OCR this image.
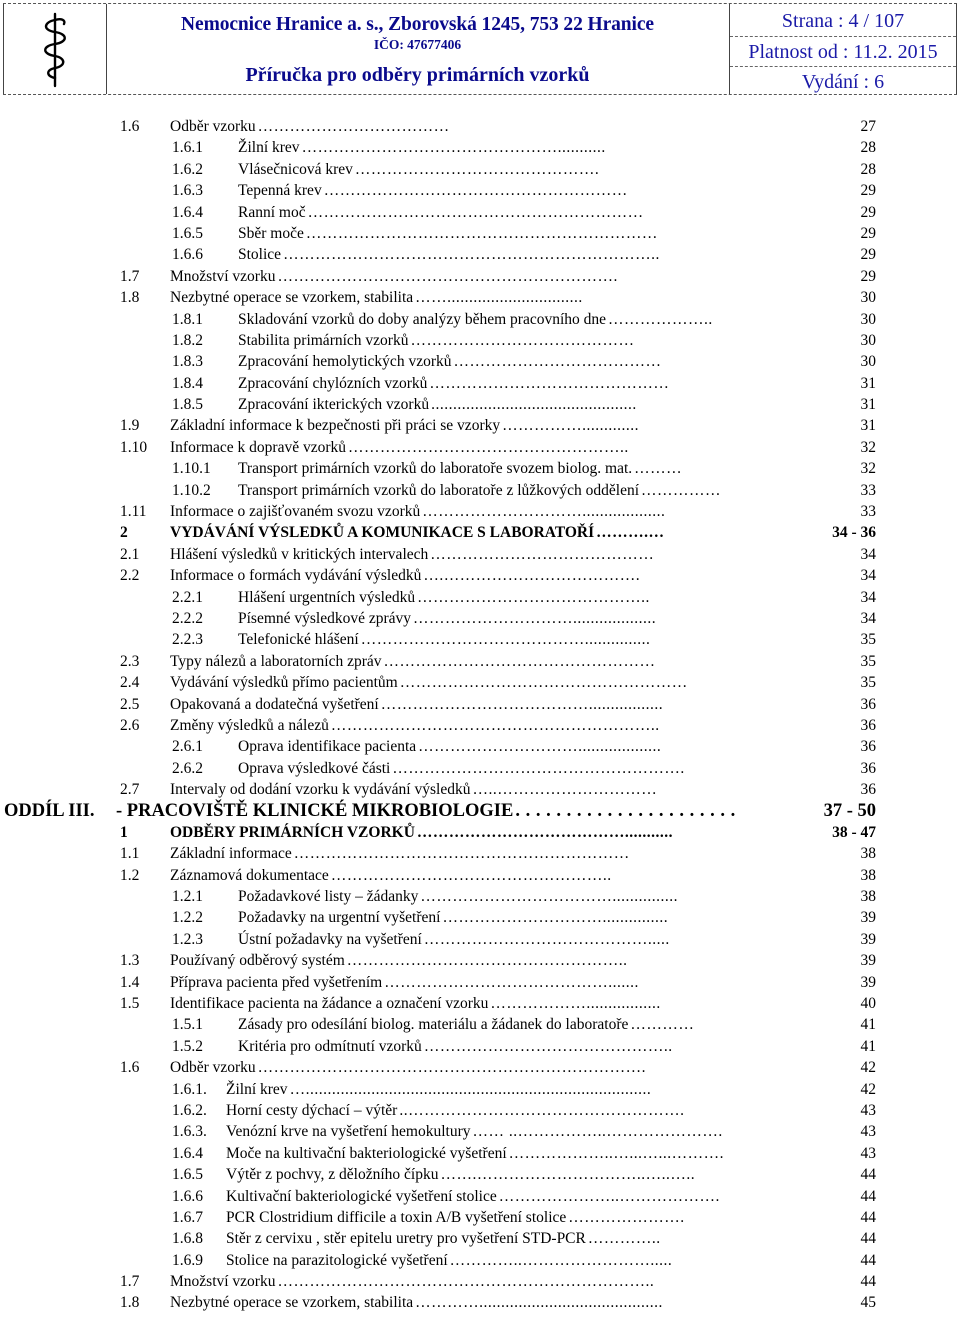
Nemocnice Hranice a. s., Zborovská 1245, 753 22 Hranice
IČO: 47677406
Příručka pro odběry primárních vzorků
Strana : 4 / 107
Platnost od : 11.2. 2015
Vydání : 6
1.6 Odběr vzorku ………………………………	27
1.6.1 Žilní krev …………………………………………...........	28
1.6.2 Vlásečnicová krev ……………………………………….	28
1.6.3 Tepenná krev …………………………………………………	29
1.6.4 Ranní moč ………………………………………………………	29
1.6.5 Sběr moče …………………………………………………………	29
1.6.6 Stolice ……………………………………………………………..	29
1.7 Množství vzorku ……………………………………………………….	29
1.8 Nezbytné operace se vzorkem, stabilita ……...............................	30
1.8.1 Skladování vzorků do doby analýzy během pracovního dne ………………..	30
1.8.2 Stabilita primárních vzorků ……………………………………	30
1.8.3 Zpracování hemolytických vzorků …………………………………	30
1.8.4 Zpracování chylózních vzorků ………………………………………	31
1.8.5 Zpracování ikterických vzorků ...............................................	31
1.9 Základní informace k bezpečnosti při práci se vzorky …………….............	31
1.10 Informace k dopravě vzorků ……………………………………………..	32
1.10.1 Transport primárních vzorků do laboratoře svozem biolog. mat. ………	32
1.10.2 Transport primárních vzorků do laboratoře z lůžkových oddělení ……………	33
1.11 Informace o zajišťovaném svozu vzorků …………………………...................	33
2	VYDÁVÁNÍ VÝSLEDKŮ A KOMUNIKACE S LABORATOŘÍ ……….…	34 - 36
2.1 Hlášení výsledků v kritických intervalech ……………………………………	34
2.2 Informace o formách vydávání výsledků ….……………………………….	34
2.2.1 Hlášení urgentních výsledků ……………………………………..	34
2.2.2 Písemné výsledkové zprávy …………………………...................	34
2.2.3 Telefonické hlášení ……………………………………...............	35
2.3 Typy nálezů a laboratorních zpráv ……………………………………………	35
2.4 Vydávání výsledků přímo pacientům ………………………………………………	35
2.5 Opakovaná a dodatečná vyšetření ………………………………….................	36
2.6 Změny výsledků a nálezů ……………………………………………………..	36
2.6.1 Oprava identifikace pacienta …………………………...................	36
2.6.2 Oprava výsledkové části ……………………………………………….	36
2.7 Intervaly od dodání vzorku k vydávání výsledků …..…………………………	36
ODDÍL III. - PRACOVIŠTĚ KLINICKÉ MIKROBIOLOGIE . . . . . . . . . . . . . . . . . . . . . .	37 - 50
1	ODBĚRY PRIMÁRNÍCH VZORKŮ …………………………………...........	38 - 47
1.1 Základní informace ………………………………………………………	38
1.2 Záznamová dokumentace ……………………………………………..	38
1.2.1 Požadavkové listy – žádanky ………………………………...............	38
1.2.2 Požadavky na urgentní vyšetření …………………………...............	39
1.2.3 Ústní požadavky na vyšetření …………………………………….....	39
1.3 Používaný odběrový systém ……………………………………………..	39
1.4 Příprava pacienta před vyšetřením …………………………………….......	39
1.5 Identifikace pacienta na žádance a označení vzorku ……………….................	40
1.5.1 Zásady pro odesílání biolog. materiálu a žádanek do laboratoře …………	41
1.5.2 Kritéria pro odmítnutí vzorků ………………………………………..	41
1.6 Odběr vzorku ……………………………………………………………….	42
1.6.1. Žilní krev …...............................................................................	42
1.6.2. Horní cesty dýchací – výtěr ..…………………………………………….	43
1.6.3. Venózní krve na vyšetření hemokultury …… ..……………..………………….	43
1.6.4 Moče na kultivační bakteriologické vyšetření ………………..…...…...……….	43
1.6.5 Výtěr z pochvy, z děložního čípku …….…………………………..…..…..	44
1.6.6 Kultivační bakteriologické vyšetření stolice …………………..……………….	44
1.6.7 PCR Clostridium difficile a toxin A/B vyšetření stolice ………………….	44
1.6.8 Stěr z cervixu , stěr epitelu uretry pro vyšetření STD-PCR …………..	44
1.6.9 Stolice na parazitologické vyšetření …………..…………………….....	44
1.7 Množství vzorku ……………………………………………………………..	44
1.8 Nezbytné operace se vzorkem, stabilita …………..........................................	45
